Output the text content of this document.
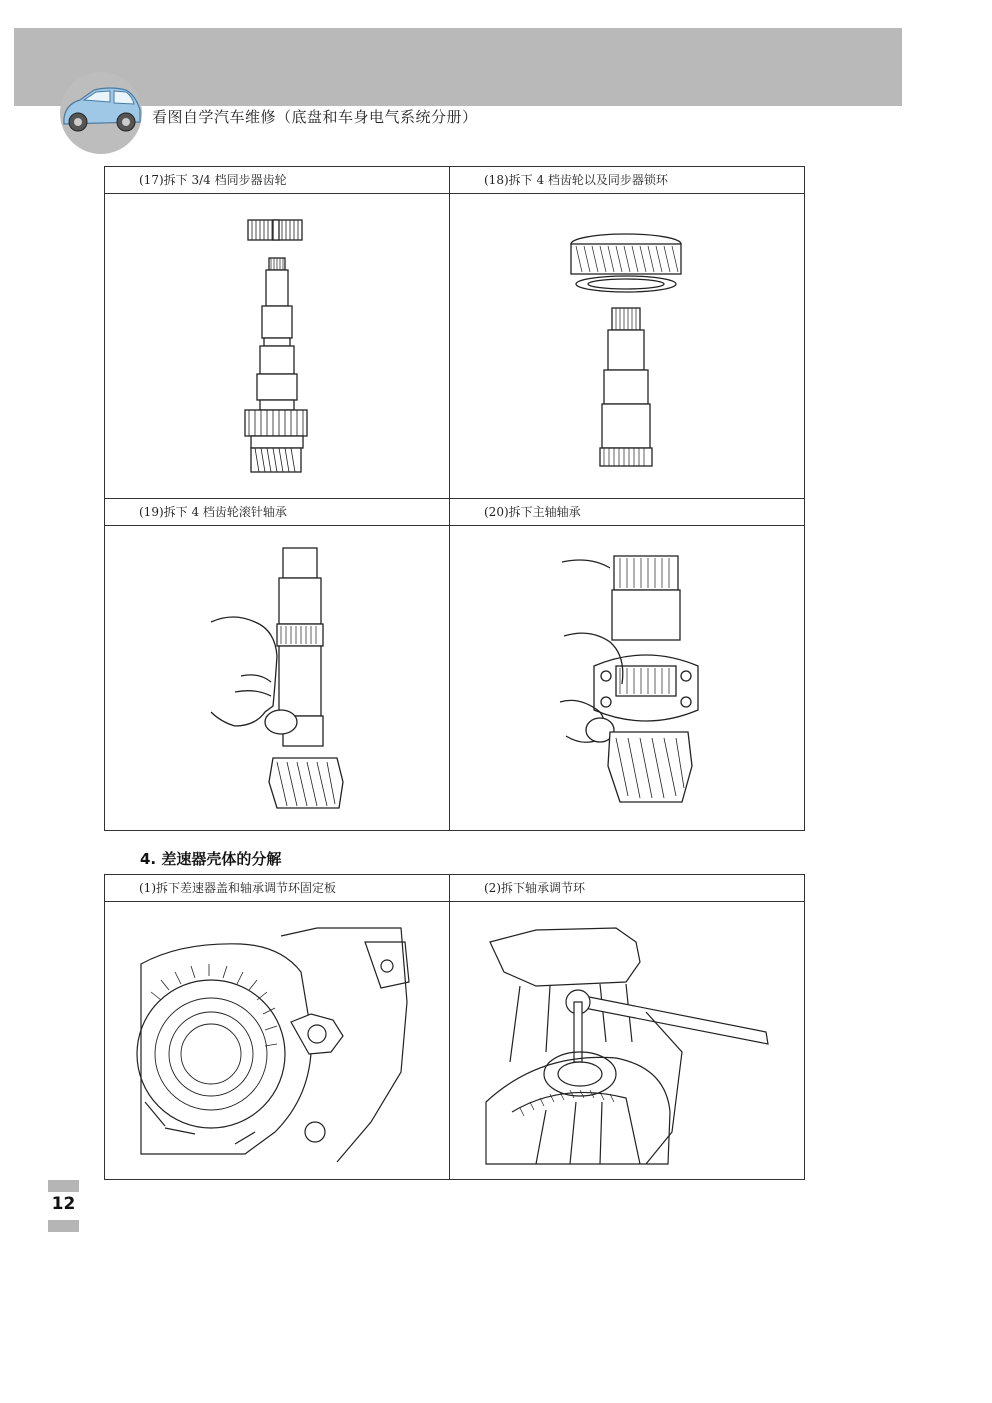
看图自学汽车维修（底盘和车身电气系统分册）
(17)拆下 3/4 档同步器齿轮	(18)拆下 4 档齿轮以及同步器锁环

(19)拆下 4 档齿轮滚针轴承	(20)拆下主轴轴承

4. 差速器壳体的分解
(1)拆下差速器盖和轴承调节环固定板	(2)拆下轴承调节环

12
